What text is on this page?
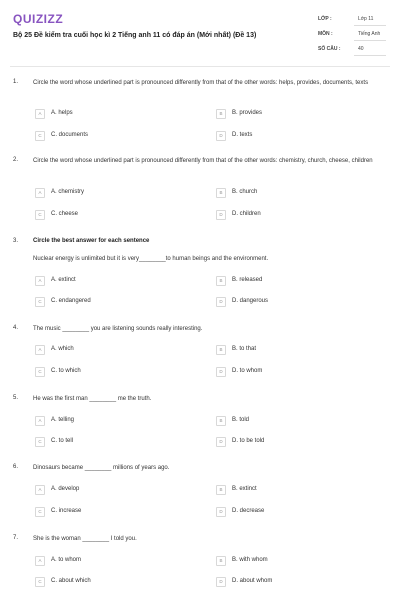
QUIZIZZ
Bộ 25 Đề kiểm tra cuối học kì 2 Tiếng anh 11 có đáp án (Mới nhất) (Đề 13)
LỚP :	Lớp 11
MÔN :	Tiếng Anh
SỐ CÂU :	40
1. Circle the word whose underlined part is pronounced differently from that of the other words: helps, provides, documents, texts
A	A. helps	B	B. provides
C	C. documents	D	D. texts
2. Circle the word whose underlined part is pronounced differently from that of the other words: chemistry, church, cheese, children
A	A. chemistry	B	B. church
C	C. cheese	D	D. children
3. Circle the best answer for each sentence
Nuclear energy is unlimited but it is very________to human beings and the environment.
A	A. extinct	B	B. released
C	C. endangered	D	D. dangerous
4. The music ________ you are listening sounds really interesting.
A	A. which	B	B. to that
C	C. to which	D	D. to whom
5. He was the first man ________ me the truth.
A	A. telling	B	B. told
C	C. to tell	D	D. to be told
6. Dinosaurs became ________ millions of years ago.
A	A. develop	B	B. extinct
C	C. increase	D	D. decrease
7. She is the woman ________ I told you.
A	A. to whom	B	B. with whom
C	C. about which	D	D. about whom
